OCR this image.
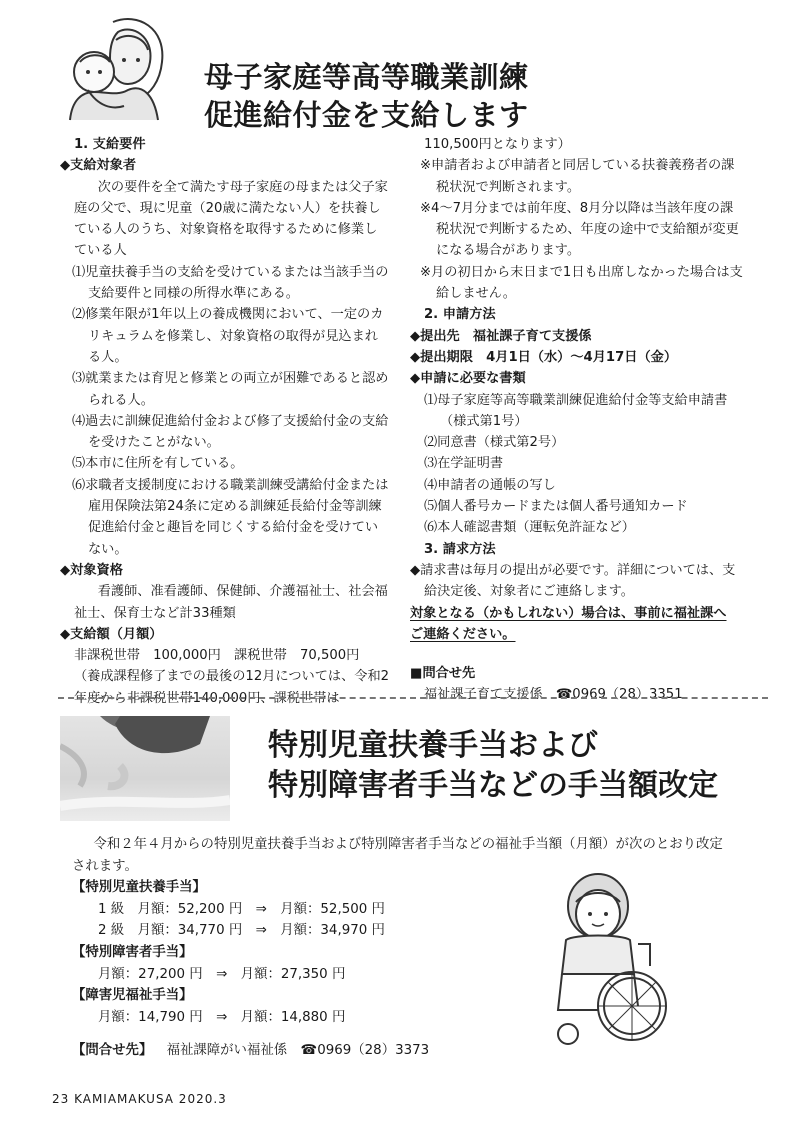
母子家庭等高等職業訓練
促進給付金を支給します

1. 支給要件

◆支給対象者

次の要件を全て満たす母子家庭の母または父子家庭の父で、現に児童（20歳に満たない人）を扶養している人のうち、対象資格を取得するために修業している人

⑴児童扶養手当の支給を受けているまたは当該手当の支給要件と同様の所得水準にある。

⑵修業年限が1年以上の養成機関において、一定のカリキュラムを修業し、対象資格の取得が見込まれる人。

⑶就業または育児と修業との両立が困難であると認められる人。

⑷過去に訓練促進給付金および修了支援給付金の支給を受けたことがない。

⑸本市に住所を有している。

⑹求職者支援制度における職業訓練受講給付金または雇用保険法第24条に定める訓練延長給付金等訓練促進給付金と趣旨を同じくする給付金を受けていない。

◆対象資格

看護師、准看護師、保健師、介護福祉士、社会福祉士、保育士など計33種類

◆支給額（月額）

非課税世帯　100,000円　課税世帯　70,500円

（養成課程修了までの最後の12月については、令和2年度から非課税世帯140,000円、課税世帯は

110,500円となります）

※申請者および申請者と同居している扶養義務者の課税状況で判断されます。

※4〜7月分までは前年度、8月分以降は当該年度の課税状況で判断するため、年度の途中で支給額が変更になる場合があります。

※月の初日から末日まで1日も出席しなかった場合は支給しません。

2. 申請方法

◆提出先　福祉課子育て支援係

◆提出期限　4月1日（水）〜4月17日（金）

◆申請に必要な書類

⑴母子家庭等高等職業訓練促進給付金等支給申請書（様式第1号）

⑵同意書（様式第2号）

⑶在学証明書

⑷申請者の通帳の写し

⑸個人番号カードまたは個人番号通知カード

⑹本人確認書類（運転免許証など）

3. 請求方法

◆請求書は毎月の提出が必要です。詳細については、支給決定後、対象者にご連絡します。

対象となる（かもしれない）場合は、事前に福祉課へ

ご連絡ください。

■問合せ先

福祉課子育て支援係　☎0969（28）3351

特別児童扶養手当および
特別障害者手当などの手当額改定

令和２年４月からの特別児童扶養手当および特別障害者手当などの福祉手当額（月額）が次のとおり改定されます。

【特別児童扶養手当】

1 級　月額：52,200 円　⇒　月額：52,500 円

2 級　月額：34,770 円　⇒　月額：34,970 円

【特別障害者手当】

月額：27,200 円　⇒　月額：27,350 円

【障害児福祉手当】

月額：14,790 円　⇒　月額：14,880 円

【問合せ先】 福祉課障がい福祉係　☎0969（28）3373

23 KAMIAMAKUSA 2020.3
